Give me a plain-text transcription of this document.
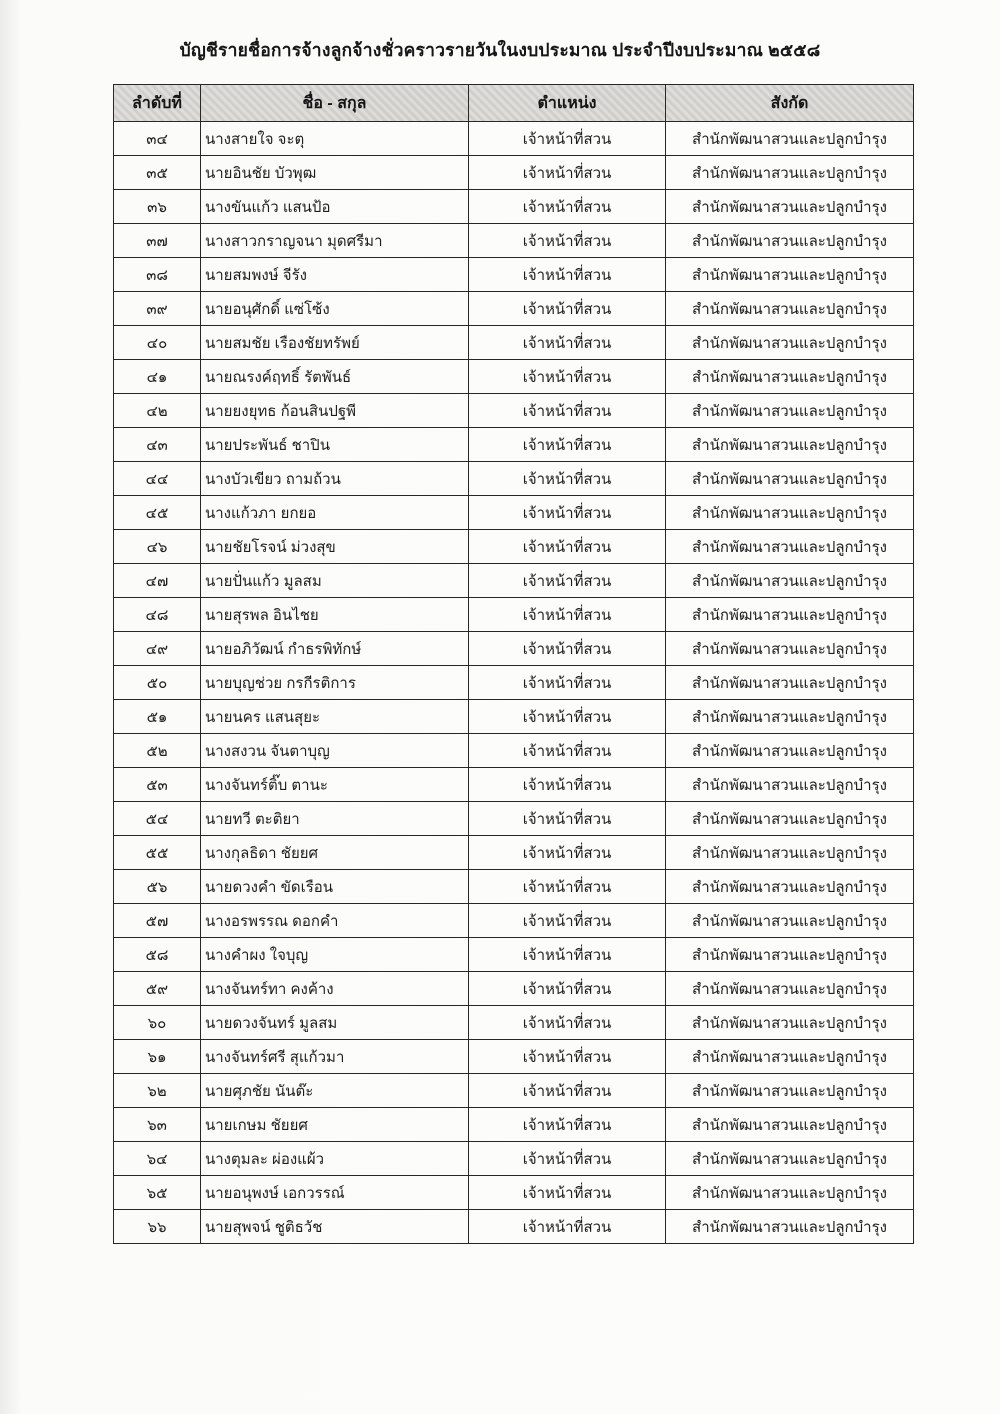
บัญชีรายชื่อการจ้างลูกจ้างชั่วคราวรายวันในงบประมาณ ประจำปีงบประมาณ ๒๕๕๘
ลำดับที่	ชื่อ - สกุล	ตำแหน่ง	สังกัด
๓๔	นางสายใจ จะตุ	เจ้าหน้าที่สวน	สำนักพัฒนาสวนและปลูกบำรุง
๓๕	นายอินชัย บัวพุฒ	เจ้าหน้าที่สวน	สำนักพัฒนาสวนและปลูกบำรุง
๓๖	นางขันแก้ว แสนป้อ	เจ้าหน้าที่สวน	สำนักพัฒนาสวนและปลูกบำรุง
๓๗	นางสาวกราญจนา มุดศรีมา	เจ้าหน้าที่สวน	สำนักพัฒนาสวนและปลูกบำรุง
๓๘	นายสมพงษ์ จีรัง	เจ้าหน้าที่สวน	สำนักพัฒนาสวนและปลูกบำรุง
๓๙	นายอนุศักดิ์ แซ่โซ้ง	เจ้าหน้าที่สวน	สำนักพัฒนาสวนและปลูกบำรุง
๔๐	นายสมชัย เรืองชัยทรัพย์	เจ้าหน้าที่สวน	สำนักพัฒนาสวนและปลูกบำรุง
๔๑	นายณรงค์ฤทธิ์ รัตพันธ์	เจ้าหน้าที่สวน	สำนักพัฒนาสวนและปลูกบำรุง
๔๒	นายยงยุทธ ก้อนสินปฐพี	เจ้าหน้าที่สวน	สำนักพัฒนาสวนและปลูกบำรุง
๔๓	นายประพันธ์ ชาปิน	เจ้าหน้าที่สวน	สำนักพัฒนาสวนและปลูกบำรุง
๔๔	นางบัวเขียว ถามถ้วน	เจ้าหน้าที่สวน	สำนักพัฒนาสวนและปลูกบำรุง
๔๕	นางแก้วภา ยกยอ	เจ้าหน้าที่สวน	สำนักพัฒนาสวนและปลูกบำรุง
๔๖	นายชัยโรจน์ ม่วงสุข	เจ้าหน้าที่สวน	สำนักพัฒนาสวนและปลูกบำรุง
๔๗	นายปั่นแก้ว มูลสม	เจ้าหน้าที่สวน	สำนักพัฒนาสวนและปลูกบำรุง
๔๘	นายสุรพล อินไชย	เจ้าหน้าที่สวน	สำนักพัฒนาสวนและปลูกบำรุง
๔๙	นายอภิวัฒน์ กำธรพิทักษ์	เจ้าหน้าที่สวน	สำนักพัฒนาสวนและปลูกบำรุง
๕๐	นายบุญช่วย กรกีรติการ	เจ้าหน้าที่สวน	สำนักพัฒนาสวนและปลูกบำรุง
๕๑	นายนคร แสนสุยะ	เจ้าหน้าที่สวน	สำนักพัฒนาสวนและปลูกบำรุง
๕๒	นางสงวน จันตาบุญ	เจ้าหน้าที่สวน	สำนักพัฒนาสวนและปลูกบำรุง
๕๓	นางจันทร์ติ๊บ ตานะ	เจ้าหน้าที่สวน	สำนักพัฒนาสวนและปลูกบำรุง
๕๔	นายทวี ตะติยา	เจ้าหน้าที่สวน	สำนักพัฒนาสวนและปลูกบำรุง
๕๕	นางกุลธิดา ชัยยศ	เจ้าหน้าที่สวน	สำนักพัฒนาสวนและปลูกบำรุง
๕๖	นายดวงคำ ขัดเรือน	เจ้าหน้าที่สวน	สำนักพัฒนาสวนและปลูกบำรุง
๕๗	นางอรพรรณ ดอกคำ	เจ้าหน้าที่สวน	สำนักพัฒนาสวนและปลูกบำรุง
๕๘	นางคำผง ใจบุญ	เจ้าหน้าที่สวน	สำนักพัฒนาสวนและปลูกบำรุง
๕๙	นางจันทร์ทา คงค้าง	เจ้าหน้าที่สวน	สำนักพัฒนาสวนและปลูกบำรุง
๖๐	นายดวงจันทร์ มูลสม	เจ้าหน้าที่สวน	สำนักพัฒนาสวนและปลูกบำรุง
๖๑	นางจันทร์ศรี สุแก้วมา	เจ้าหน้าที่สวน	สำนักพัฒนาสวนและปลูกบำรุง
๖๒	นายศุภชัย นันต๊ะ	เจ้าหน้าที่สวน	สำนักพัฒนาสวนและปลูกบำรุง
๖๓	นายเกษม ชัยยศ	เจ้าหน้าที่สวน	สำนักพัฒนาสวนและปลูกบำรุง
๖๔	นางตุมละ ผ่องแผ้ว	เจ้าหน้าที่สวน	สำนักพัฒนาสวนและปลูกบำรุง
๖๕	นายอนุพงษ์ เอกวรรณ์	เจ้าหน้าที่สวน	สำนักพัฒนาสวนและปลูกบำรุง
๖๖	นายสุพจน์ ชูติธวัช	เจ้าหน้าที่สวน	สำนักพัฒนาสวนและปลูกบำรุง
